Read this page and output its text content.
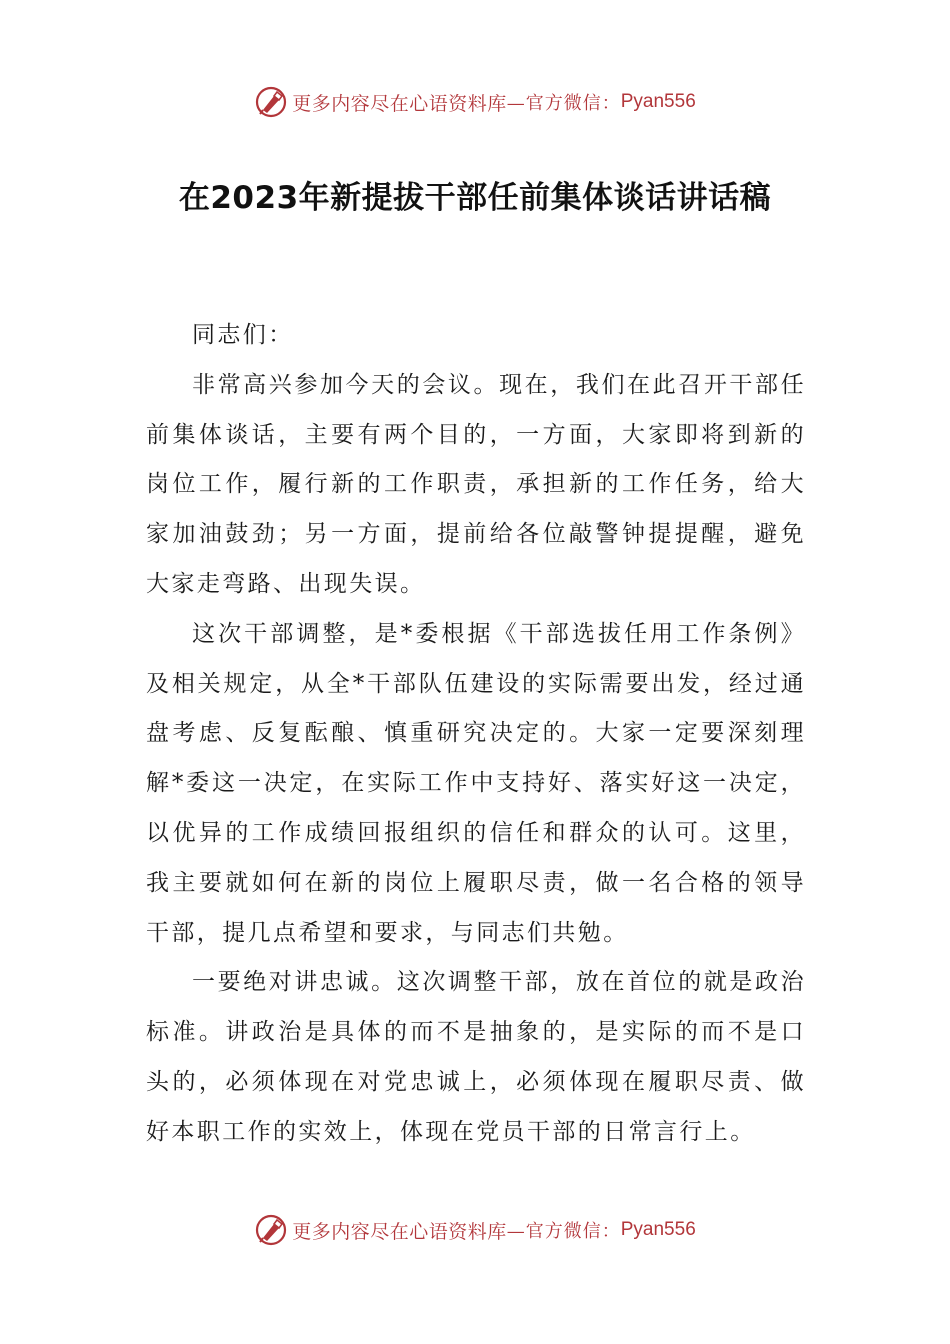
更多内容尽在心语资料库 —官方微信： Pyan556
在2023年新提拔干部任前集体谈话讲话稿

同志们：

非常高兴参加今天的会议。现在，我们在此召开干部任前集体谈话，主要有两个目的，一方面，大家即将到新的岗位工作，履行新的工作职责，承担新的工作任务，给大家加油鼓劲；另一方面，提前给各位敲警钟提提醒，避免大家走弯路、出现失误。

这次干部调整，是*委根据《干部选拔任用工作条例》及相关规定，从全*干部队伍建设的实际需要出发，经过通盘考虑、反复酝酿、慎重研究决定的。大家一定要深刻理解*委这一决定，在实际工作中支持好、落实好这一决定，以优异的工作成绩回报组织的信任和群众的认可。这里，我主要就如何在新的岗位上履职尽责，做一名合格的领导干部，提几点希望和要求，与同志们共勉。

一要绝对讲忠诚。这次调整干部，放在首位的就是政治标准。讲政治是具体的而不是抽象的，是实际的而不是口头的，必须体现在对党忠诚上，必须体现在履职尽责、做好本职工作的实效上，体现在党员干部的日常言行上。

更多内容尽在心语资料库 —官方微信： Pyan556
